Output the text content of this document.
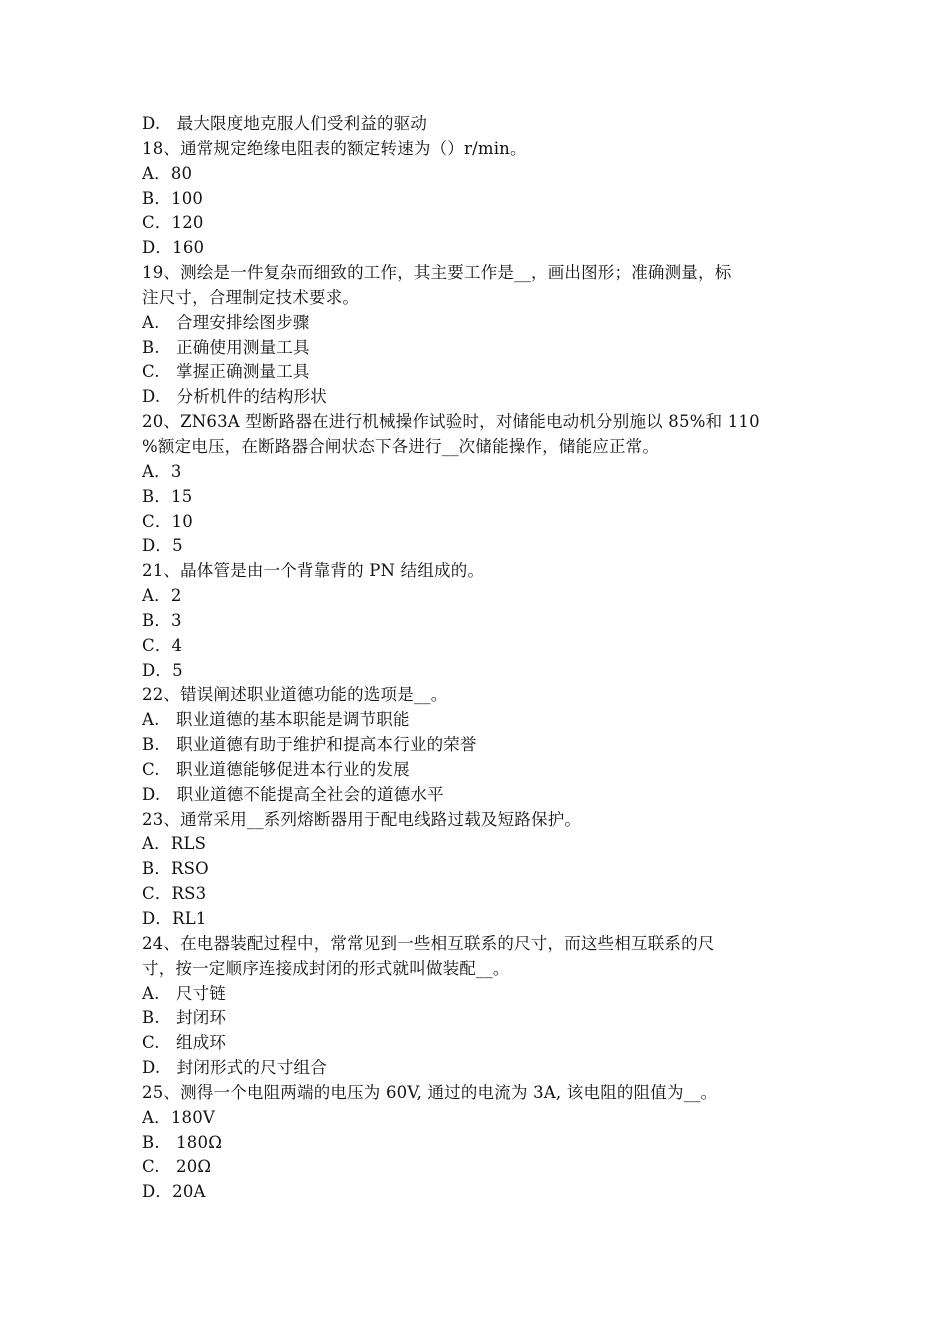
D.   最大限度地克服人们受利益的驱动
18、通常规定绝缘电阻表的额定转速为（）r/min。
A．80
B．100
C．120
D．160
19、测绘是一件复杂而细致的工作，其主要工作是__，画出图形；准确测量，标
注尺寸，合理制定技术要求。
A.   合理安排绘图步骤
B.   正确使用测量工具
C.   掌握正确测量工具
D.   分析机件的结构形状
20、ZN63A 型断路器在进行机械操作试验时，对储能电动机分别施以 85%和 110
%额定电压，在断路器合闸状态下各进行__次储能操作，储能应正常。
A．3
B．15
C．10
D．5
21、晶体管是由一个背靠背的 PN 结组成的。
A．2
B．3
C．4
D．5
22、错误阐述职业道德功能的选项是__。
A.   职业道德的基本职能是调节职能
B.   职业道德有助于维护和提高本行业的荣誉
C.   职业道德能够促进本行业的发展
D.   职业道德不能提高全社会的道德水平
23、通常采用__系列熔断器用于配电线路过载及短路保护。
A．RLS
B．RSO
C．RS3
D．RL1
24、在电器装配过程中，常常见到一些相互联系的尺寸，而这些相互联系的尺
寸，按一定顺序连接成封闭的形式就叫做装配__。
A.   尺寸链
B.   封闭环
C.   组成环
D.   封闭形式的尺寸组合
25、测得一个电阻两端的电压为 60V, 通过的电流为 3A, 该电阻的阻值为__。
A．180V
B.   180Ω
C.   20Ω
D．20A
